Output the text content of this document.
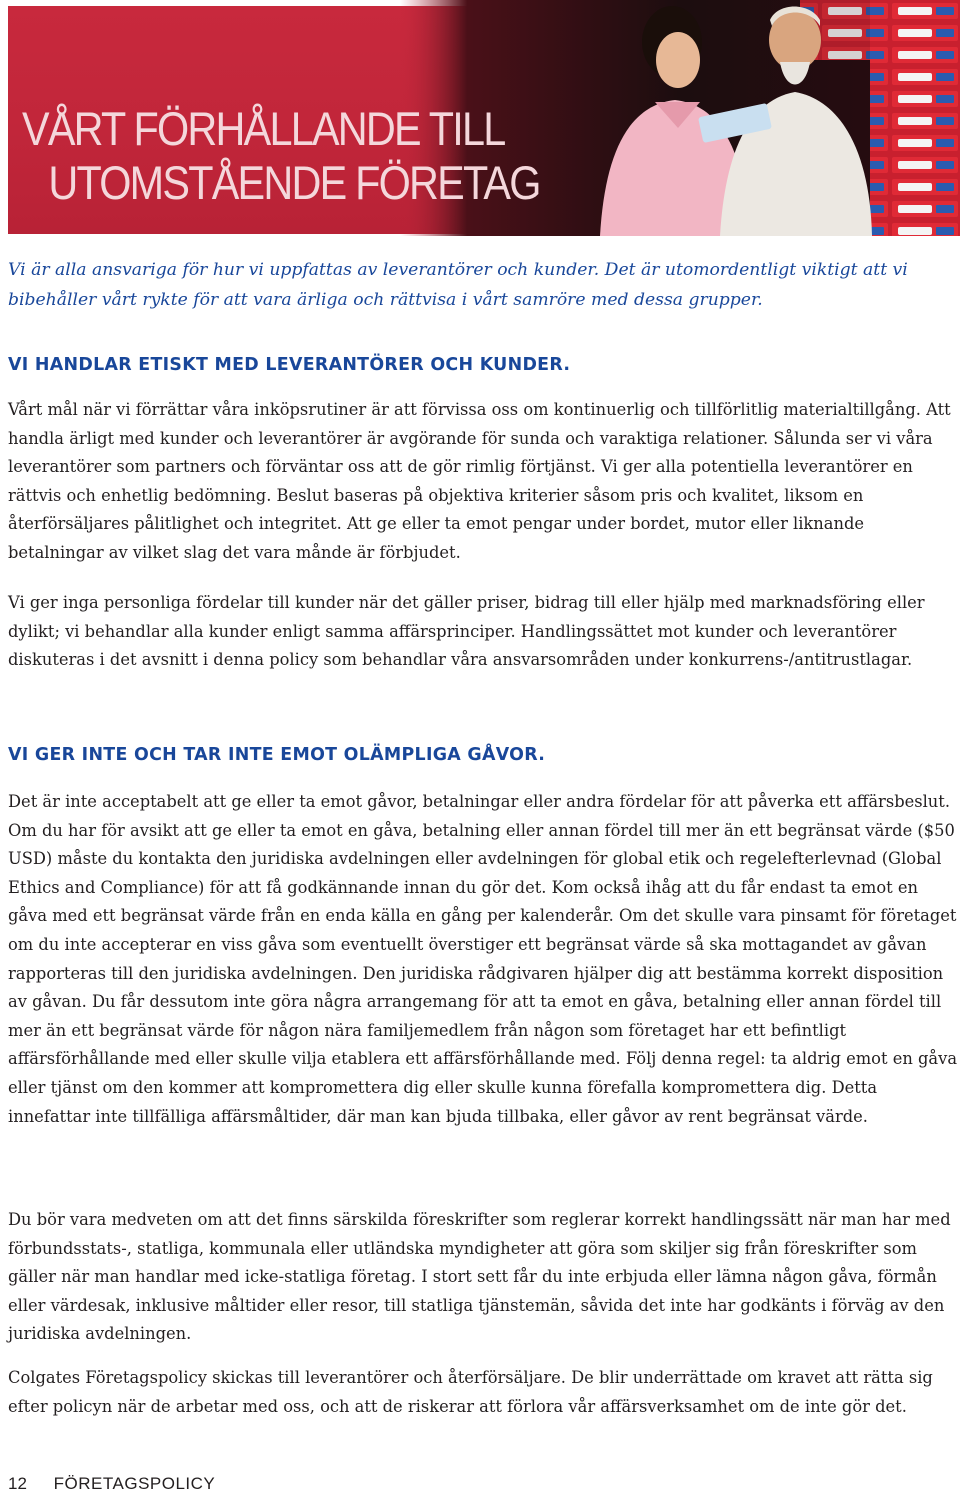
VÅRT FÖRHÅLLANDE TILL
UTOMSTÅENDE FÖRETAG

Vi är alla ansvariga för hur vi uppfattas av leverantörer och kunder. Det är utomordentligt viktigt att vi bibehåller vårt rykte för att vara ärliga och rättvisa i vårt samröre med dessa grupper.

VI HANDLAR ETISKT MED LEVERANTÖRER OCH KUNDER.

Vårt mål när vi förrättar våra inköpsrutiner är att förvissa oss om kontinuerlig och tillförlitlig materialtillgång. Att handla ärligt med kunder och leverantörer är avgörande för sunda och varaktiga relationer. Sålunda ser vi våra leverantörer som partners och förväntar oss att de gör rimlig förtjänst. Vi ger alla potentiella leverantörer en rättvis och enhetlig bedömning. Beslut baseras på objektiva kriterier såsom pris och kvalitet, liksom en återförsäljares pålitlighet och integritet. Att ge eller ta emot pengar under bordet, mutor eller liknande betalningar av vilket slag det vara månde är förbjudet.

Vi ger inga personliga fördelar till kunder när det gäller priser, bidrag till eller hjälp med marknadsföring eller dylikt; vi behandlar alla kunder enligt samma affärsprinciper. Handlingssättet mot kunder och leverantörer diskuteras i det avsnitt i denna policy som behandlar våra ansvarsområden under konkurrens-/antitrustlagar.

VI GER INTE OCH TAR INTE EMOT OLÄMPLIGA GÅVOR.

Det är inte acceptabelt att ge eller ta emot gåvor, betalningar eller andra fördelar för att påverka ett affärsbeslut. Om du har för avsikt att ge eller ta emot en gåva, betalning eller annan fördel till mer än ett begränsat värde ($50 USD) måste du kontakta den juridiska avdelningen eller avdelningen för global etik och regelefterlevnad (Global Ethics and Compliance) för att få godkännande innan du gör det. Kom också ihåg att du får endast ta emot en gåva med ett begränsat värde från en enda källa en gång per kalenderår. Om det skulle vara pinsamt för företaget om du inte accepterar en viss gåva som eventuellt överstiger ett begränsat värde så ska mottagandet av gåvan rapporteras till den juridiska avdelningen. Den juridiska rådgivaren hjälper dig att bestämma korrekt disposition av gåvan. Du får dessutom inte göra några arrangemang för att ta emot en gåva, betalning eller annan fördel till mer än ett begränsat värde för någon nära familjemedlem från någon som företaget har ett befintligt affärsförhållande med eller skulle vilja etablera ett affärsförhållande med. Följ denna regel: ta aldrig emot en gåva eller tjänst om den kommer att kompromettera dig eller skulle kunna förefalla kompromettera dig. Detta innefattar inte tillfälliga affärsmåltider, där man kan bjuda tillbaka, eller gåvor av rent begränsat värde.

Du bör vara medveten om att det finns särskilda föreskrifter som reglerar korrekt handlingssätt när man har med förbundsstats-, statliga, kommunala eller utländska myndigheter att göra som skiljer sig från föreskrifter som gäller när man handlar med icke-statliga företag. I stort sett får du inte erbjuda eller lämna någon gåva, förmån eller värdesak, inklusive måltider eller resor, till statliga tjänstemän, såvida det inte har godkänts i förväg av den juridiska avdelningen.

Colgates Företagspolicy skickas till leverantörer och återförsäljare. De blir underrättade om kravet att rätta sig efter policyn när de arbetar med oss, och att de riskerar att förlora vår affärsverksamhet om de inte gör det.

12 FÖRETAGSPOLICY
